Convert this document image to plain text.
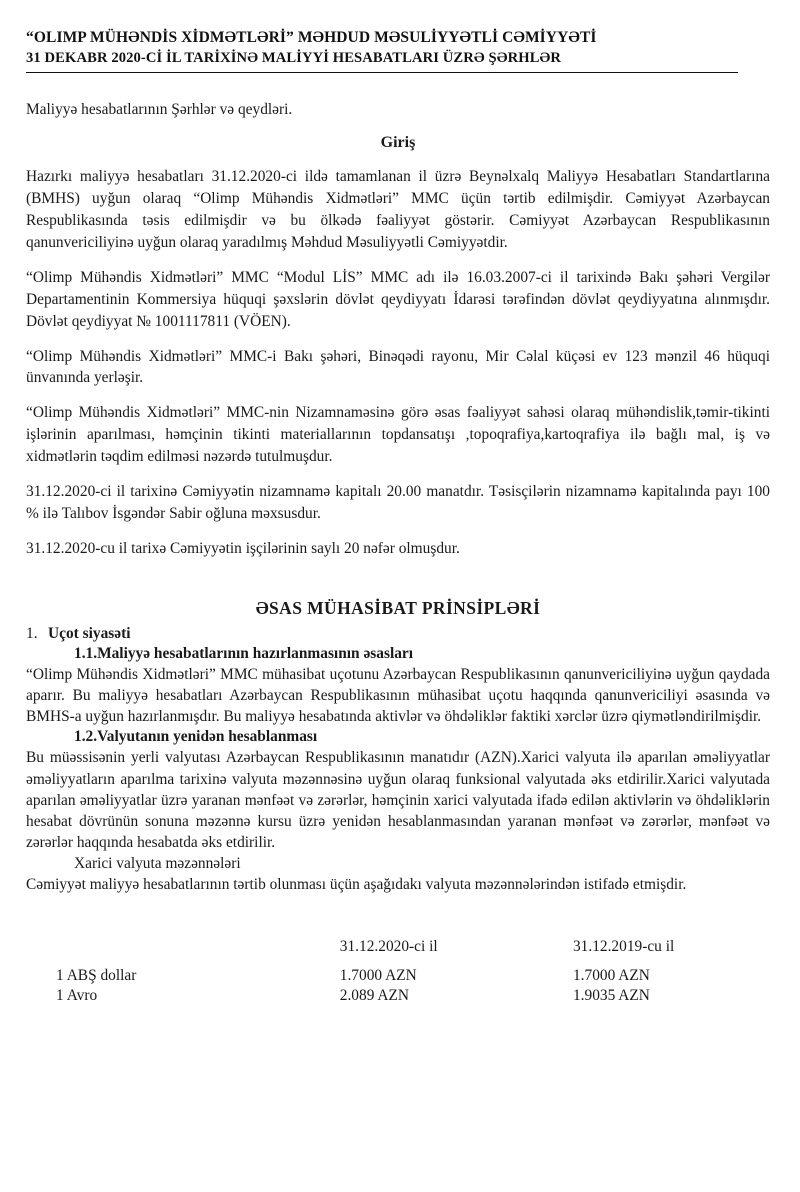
“OLIMP MÜHƏNDİS XİDMƏTLƏRİ” MƏHDUD MƏSULİYYƏTLİ CƏMİYYƏTİ
31 DEKABR 2020-Cİ İL TARİXİNƏ MALİYYİ HESABATLARI ÜZRƏ ŞƏRHLƏR

Maliyyə hesabatlarının Şərhlər və qeydləri.

Giriş

Hazırkı maliyyə hesabatları 31.12.2020-ci ildə tamamlanan il üzrə Beynəlxalq Maliyyə Hesabatları Standartlarına (BMHS) uyğun olaraq “Olimp Mühəndis Xidmətləri” MMC üçün tərtib edilmişdir. Cəmiyyət Azərbaycan Respublikasında təsis edilmişdir və bu ölkədə fəaliyyət göstərir. Cəmiyyət Azərbaycan Respublikasının qanunvericiliyinə uyğun olaraq yaradılmış Məhdud Məsuliyyətli Cəmiyyətdir.

“Olimp Mühəndis Xidmətləri” MMC “Modul LİS” MMC adı ilə 16.03.2007-ci il tarixində Bakı şəhəri Vergilər Departamentinin Kommersiya hüquqi şəxslərin dövlət qeydiyyatı İdarəsi tərəfindən dövlət qeydiyyatına alınmışdır. Dövlət qeydiyyat № 1001117811 (VÖEN).

“Olimp Mühəndis Xidmətləri” MMC-i Bakı şəhəri, Binəqədi rayonu, Mir Cəlal küçəsi ev 123 mənzil 46 hüquqi ünvanında yerləşir.

“Olimp Mühəndis Xidmətləri” MMC-nin Nizamnaməsinə görə əsas fəaliyyət sahəsi olaraq mühəndislik,təmir-tikinti işlərinin aparılması, həmçinin tikinti materiallarının topdansatışı ,topoqrafiya,kartoqrafiya ilə bağlı mal, iş və xidmətlərin təqdim edilməsi nəzərdə tutulmuşdur.

31.12.2020-ci il tarixinə Cəmiyyətin nizamnamə kapitalı 20.00 manatdır. Təsisçilərin nizamnamə kapitalında payı 100 % ilə Talıbov İsgəndər Sabir oğluna məxsusdur.

31.12.2020-cu il tarixə Cəmiyyətin işçilərinin saylı 20 nəfər olmuşdur.

ƏSAS MÜHASİBAT PRİNSİPLƏRİ
1. Uçot siyasəti
1.1.Maliyyə hesabatlarının hazırlanmasının əsasları

“Olimp Mühəndis Xidmətləri” MMC mühasibat uçotunu Azərbaycan Respublikasının qanunvericiliyinə uyğun qaydada aparır. Bu maliyyə hesabatları Azərbaycan Respublikasının mühasibat uçotu haqqında qanunvericiliyi əsasında və BMHS-a uyğun hazırlanmışdır. Bu maliyyə hesabatında aktivlər və öhdəliklər faktiki xərclər üzrə qiymətləndirilmişdir.

1.2.Valyutanın yenidən hesablanması

Bu müəssisənin yerli valyutası Azərbaycan Respublikasının manatıdır (AZN).Xarici valyuta ilə aparılan əməliyyatlar əməliyyatların aparılma tarixinə valyuta məzənnəsinə uyğun olaraq funksional valyutada əks etdirilir.Xarici valyutada aparılan əməliyyatlar üzrə yaranan mənfəət və zərərlər, həmçinin xarici valyutada ifadə edilən aktivlərin və öhdəliklərin hesabat dövrünün sonuna məzənnə kursu üzrə yenidən hesablanmasından yaranan mənfəət və zərərlər, mənfəət və zərərlər haqqında hesabatda əks etdirilir.

Xarici valyuta məzənnələri

Cəmiyyət maliyyə hesabatlarının tərtib olunması üçün aşağıdakı valyuta məzənnələrindən istifadə etmişdir.

	31.12.2020-ci il	31.12.2019-cu il
1 ABŞ dollar	1.7000 AZN	1.7000 AZN
1 Avro	2.089 AZN	1.9035 AZN
